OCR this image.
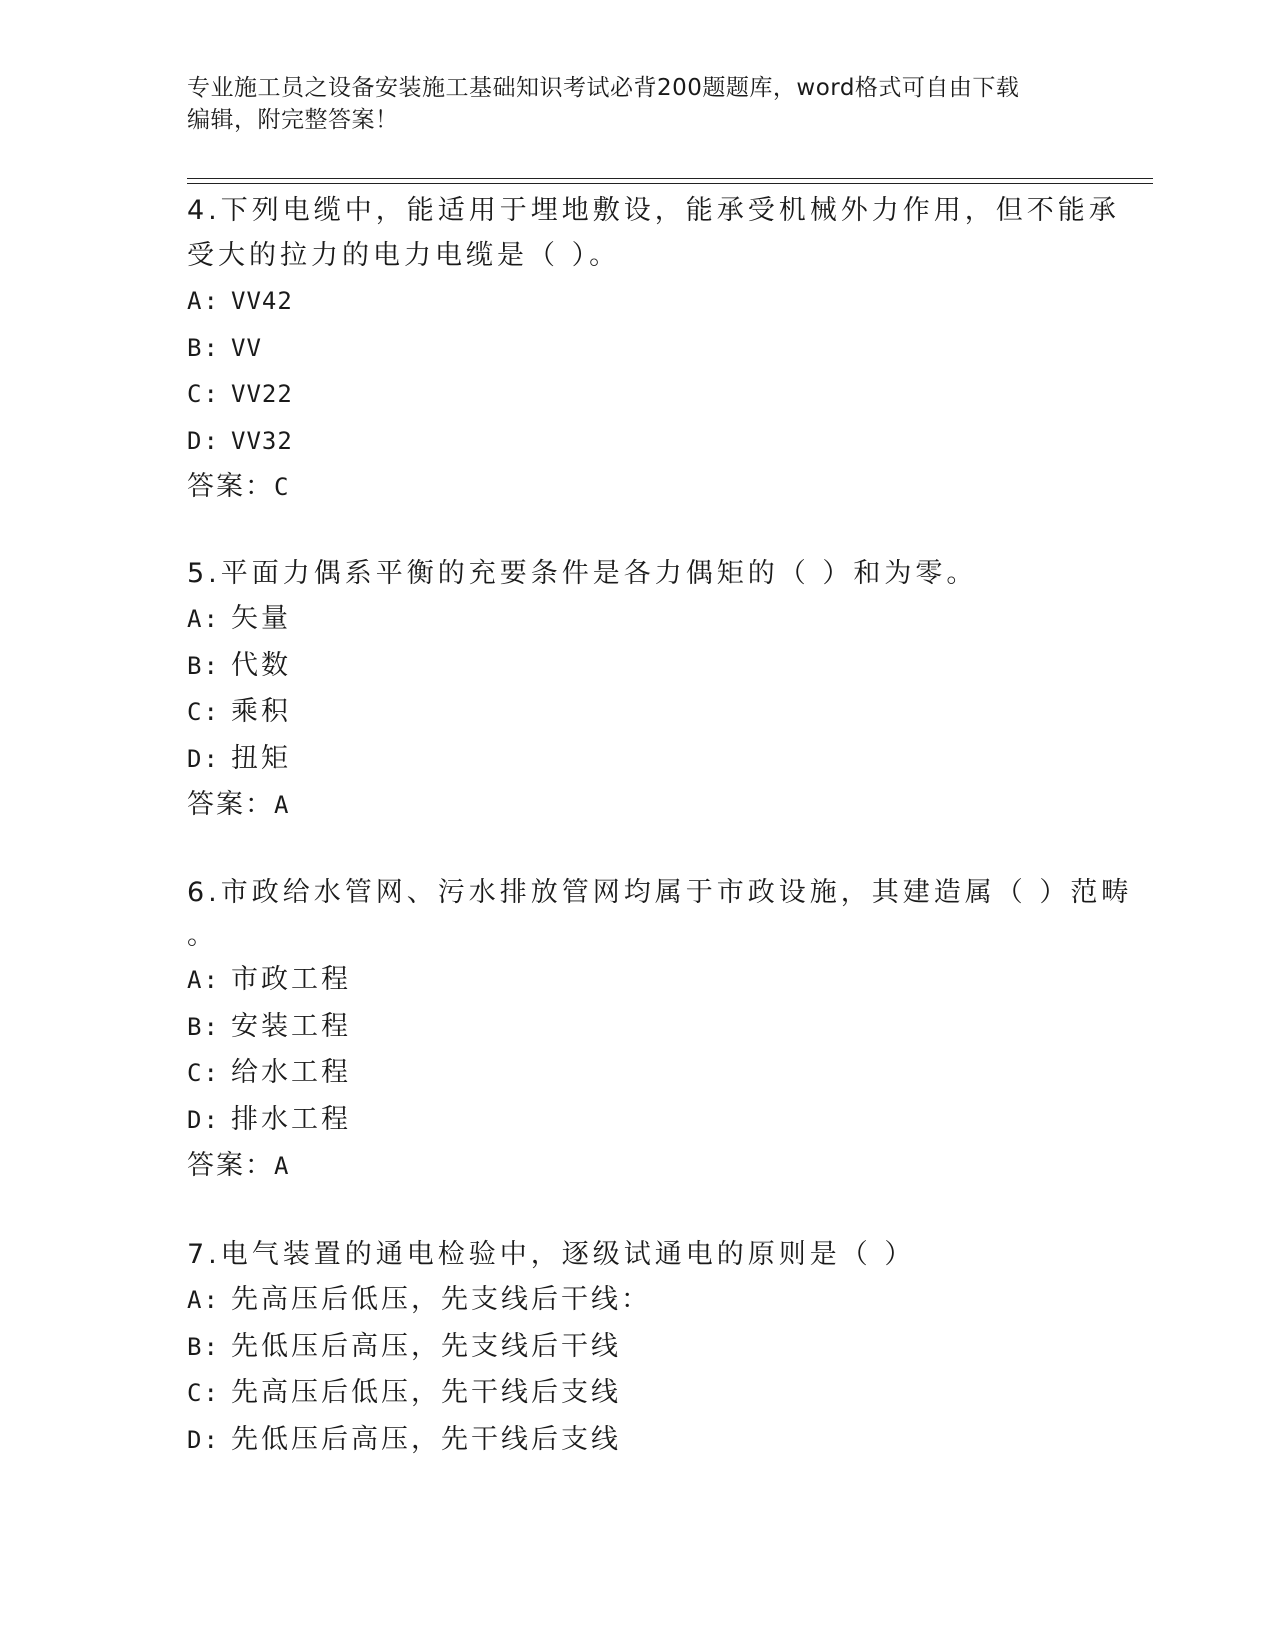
专业施工员之设备安装施工基础知识考试必背200题题库，word格式可自由下载
编辑，附完整答案！
4.下列电缆中，能适用于埋地敷设，能承受机械外力作用，但不能承
受大的拉力的电力电缆是（ ）。
A: VV42
B: VV
C: VV22
D: VV32
答案：C
5.平面力偶系平衡的充要条件是各力偶矩的（ ）和为零。
A: 矢量
B: 代数
C: 乘积
D: 扭矩
答案：A
6.市政给水管网、污水排放管网均属于市政设施，其建造属（ ）范畴
。
A: 市政工程
B: 安装工程
C: 给水工程
D: 排水工程
答案：A
7.电气装置的通电检验中，逐级试通电的原则是（ ）
A: 先高压后低压，先支线后干线：
B: 先低压后高压，先支线后干线
C: 先高压后低压，先干线后支线
D: 先低压后高压，先干线后支线
